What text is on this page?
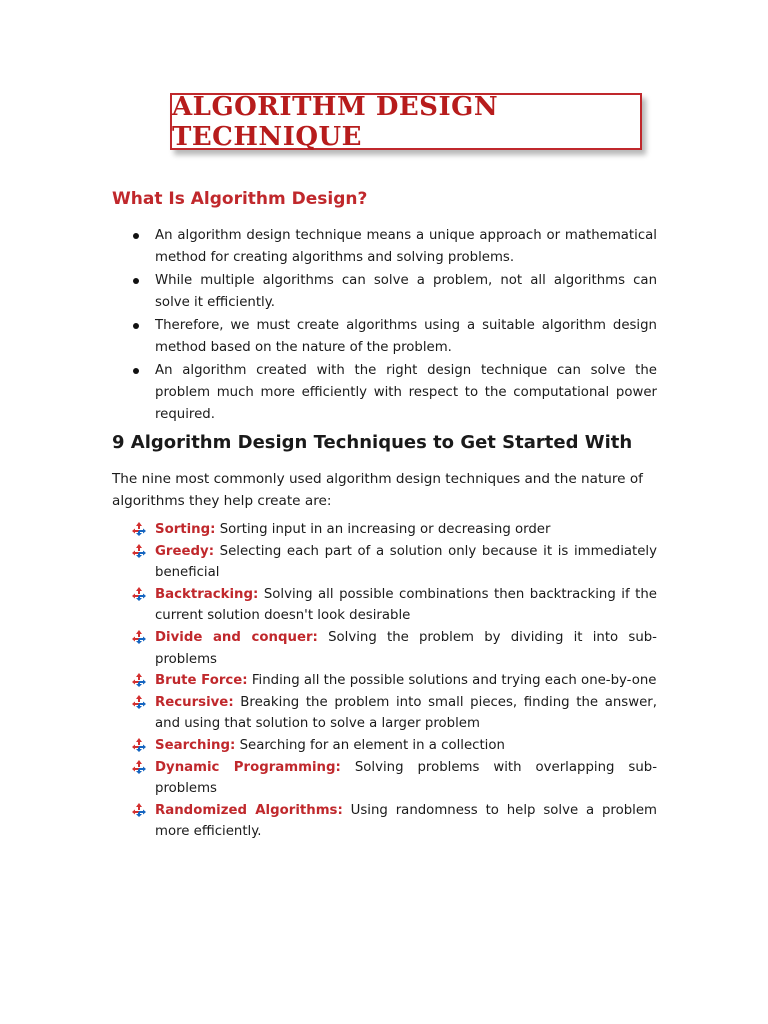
ALGORITHM DESIGN TECHNIQUE
What Is Algorithm Design?
An algorithm design technique means a unique approach or mathematical method for creating algorithms and solving problems.
While multiple algorithms can solve a problem, not all algorithms can solve it efficiently.
Therefore, we must create algorithms using a suitable algorithm design method based on the nature of the problem.
An algorithm created with the right design technique can solve the problem much more efficiently with respect to the computational power required.
9 Algorithm Design Techniques to Get Started With

The nine most commonly used algorithm design techniques and the nature of algorithms they help create are:

Sorting: Sorting input in an increasing or decreasing order
Greedy: Selecting each part of a solution only because it is immediately beneficial
Backtracking: Solving all possible combinations then backtracking if the current solution doesn't look desirable
Divide and conquer: Solving the problem by dividing it into sub-problems
Brute Force: Finding all the possible solutions and trying each one-by-one
Recursive: Breaking the problem into small pieces, finding the answer, and using that solution to solve a larger problem
Searching: Searching for an element in a collection
Dynamic Programming: Solving problems with overlapping sub-problems
Randomized Algorithms: Using randomness to help solve a problem more efficiently.
